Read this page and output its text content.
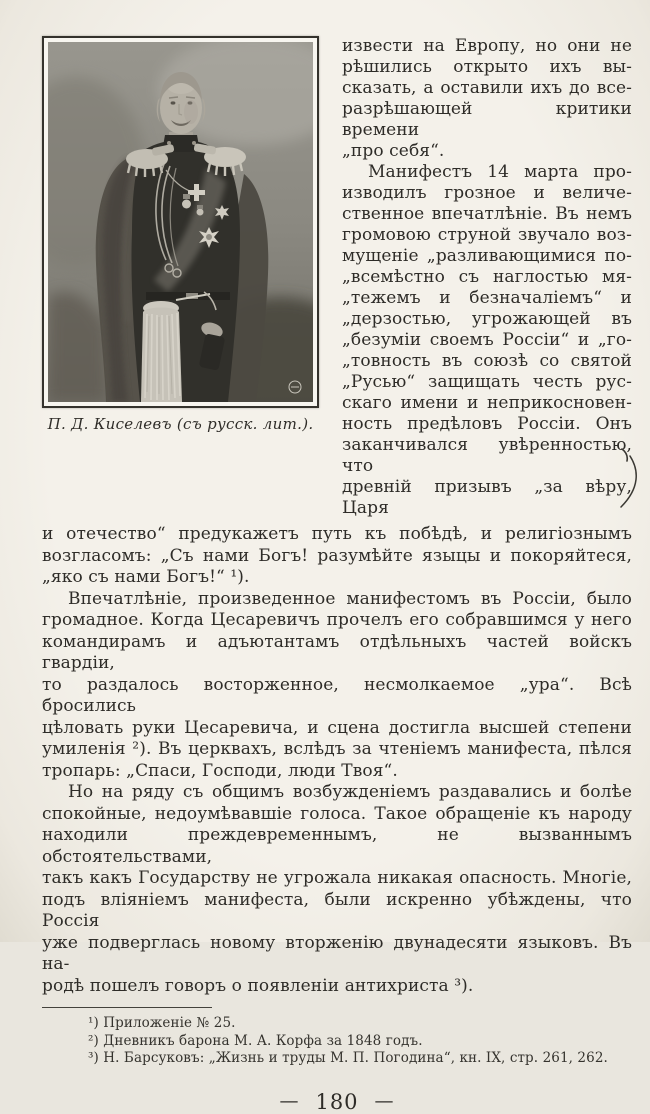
П. Д. Киселевъ (съ русск. лит.).
извести на Европу, но они не
рѣшились открыто ихъ вы-
сказать, а оставили ихъ до все-
разрѣшающей критики времени
„про себя“.
Манифестъ 14 марта про-
изводилъ грозное и величе-
ственное впечатлѣніе. Въ немъ
громовою струной звучало воз-
мущеніе „разливающимися по-
„всемѣстно съ наглостью мя-
„тежемъ и безначаліемъ“ и
„дерзостью, угрожающей въ
„безуміи своемъ Россіи“ и „го-
„товность въ союзѣ со святой
„Русью“ защищать честь рус-
скаго имени и неприкосновен-
ность предѣловъ Россіи. Онъ
заканчивался увѣренностью, что
древній призывъ „за вѣру, Царя
и отечество“ предукажетъ путь къ побѣдѣ, и религіознымъ
возгласомъ: „Съ нами Богъ! разумѣйте языцы и покоряйтеся,
„яко съ нами Богъ!“ ¹).
Впечатлѣніе, произведенное манифестомъ въ Россіи, было
громадное. Когда Цесаревичъ прочелъ его собравшимся у него
командирамъ и адъютантамъ отдѣльныхъ частей войскъ гвардіи,
то раздалось восторженное, несмолкаемое „ура“. Всѣ бросились
цѣловать руки Цесаревича, и сцена достигла высшей степени
умиленія ²). Въ церквахъ, вслѣдъ за чтеніемъ манифеста, пѣлся
тропарь: „Спаси, Господи, люди Твоя“.
Но на ряду съ общимъ возбужденіемъ раздавались и болѣе
спокойные, недоумѣвавшіе голоса. Такое обращеніе къ народу
находили преждевременнымъ, не вызваннымъ обстоятельствами,
такъ какъ Государству не угрожала никакая опасность. Многіе,
подъ вліяніемъ манифеста, были искренно убѣждены, что Россія
уже подверглась новому вторженію двунадесяти языковъ. Въ на-
родѣ пошелъ говоръ о появленіи антихриста ³).
¹) Приложеніе № 25.
²) Дневникъ барона М. А. Корфа за 1848 годъ.
³) Н. Барсуковъ: „Жизнь и труды М. П. Погодина“, кн. IX, стр. 261, 262.
— 180 —
